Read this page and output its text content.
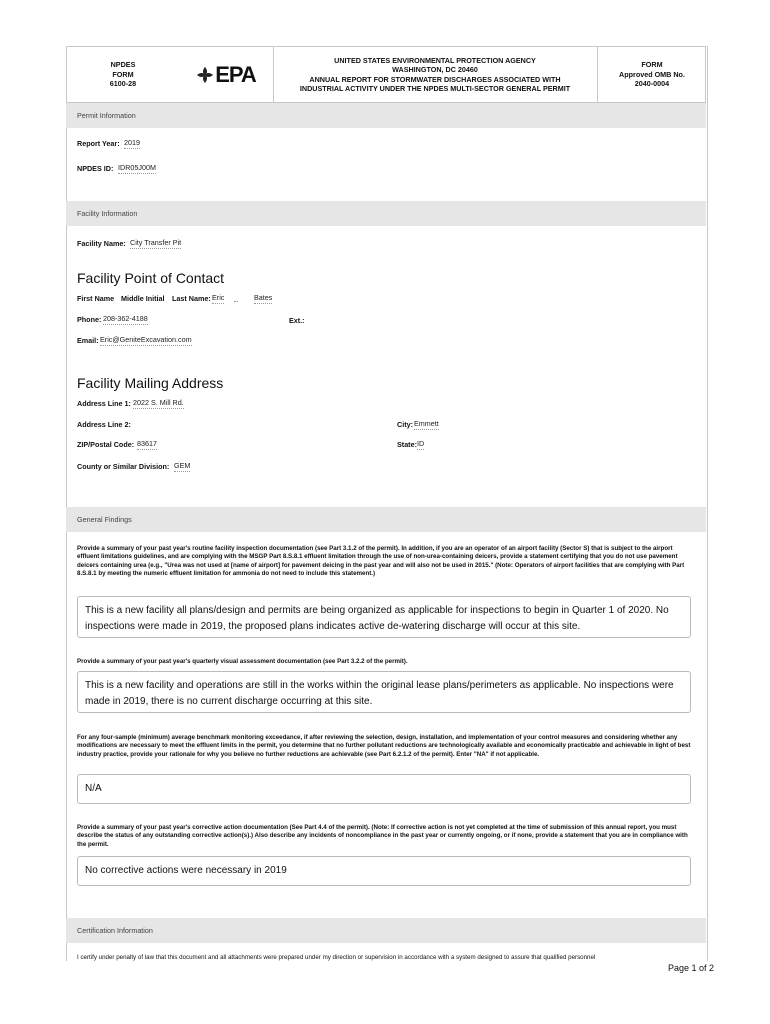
NPDES
FORM
6100-28	EPA
UNITED STATES ENVIRONMENTAL PROTECTION AGENCY
WASHINGTON, DC 20460
ANNUAL REPORT FOR STORMWATER DISCHARGES ASSOCIATED WITH
INDUSTRIAL ACTIVITY UNDER THE NPDES MULTI-SECTOR GENERAL PERMIT
FORM
Approved OMB No.
2040-0004
Permit Information
Report Year: 2019
NPDES ID: IDR05J00M
Facility Information
Facility Name: City Transfer Pit
Facility Point of Contact
First Name Middle Initial Last Name: Eric	Bates
Phone: 208-362-4188	Ext.:
Email: Eric@GeniteExcavation.com
Facility Mailing Address
Address Line 1: 2022 S. Mill Rd.
Address Line 2:	City: Emmett
ZIP/Postal Code: 83617	State: ID
County or Similar Division: GEM
General Findings
Provide a summary of your past year's routine facility inspection documentation (see Part 3.1.2 of the permit). In addition, if you are an operator of an airport facility (Sector S) that is subject to the airport effluent limitations guidelines, and are complying with the MSGP Part 8.S.8.1 effluent limitation through the use of non-urea-containing deicers, provide a statement certifying that you do not use pavement deicers containing urea (e.g., "Urea was not used at [name of airport] for pavement deicing in the past year and will also not be used in 2015." (Note: Operators of airport facilities that are complying with Part 8.S.8.1 by meeting the numeric effluent limitation for ammonia do not need to include this statement.)
This is a new facility all plans/design and permits are being organized as applicable for inspections to begin in Quarter 1 of 2020. No inspections were made in 2019, the proposed plans indicates active de-watering discharge will occur at this site.
Provide a summary of your past year's quarterly visual assessment documentation (see Part 3.2.2 of the permit).
This is a new facility and operations are still in the works within the original lease plans/perimeters as applicable. No inspections were made in 2019, there is no current discharge occurring at this site.
For any four-sample (minimum) average benchmark monitoring exceedance, if after reviewing the selection, design, installation, and implementation of your control measures and considering whether any modifications are necessary to meet the effluent limits in the permit, you determine that no further pollutant reductions are technologically available and economically practicable and achievable in light of best industry practice, provide your rationale for why you believe no further reductions are achievable (see Part 6.2.1.2 of the permit). Enter "NA" if not applicable.
N/A
Provide a summary of your past year's corrective action documentation (See Part 4.4 of the permit). (Note: If corrective action is not yet completed at the time of submission of this annual report, you must describe the status of any outstanding corrective action(s).) Also describe any incidents of noncompliance in the past year or currently ongoing, or if none, provide a statement that you are in compliance with the permit.
No corrective actions were necessary in 2019
Certification Information
I certify under penalty of law that this document and all attachments were prepared under my direction or supervision in accordance with a system designed to assure that qualified personnel
Page 1 of 2
